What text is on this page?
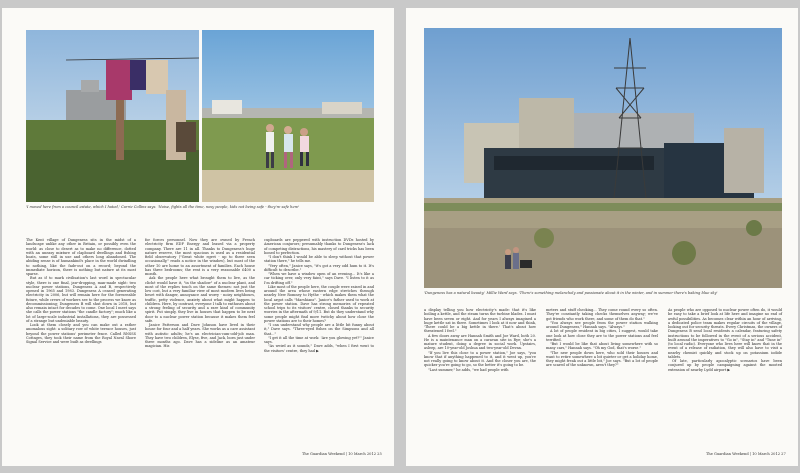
'I moved here from a council estate, which I hated,' Carrie Collins says. 'Noise, fights all the time, nosy people, kids not being safe - they're safe here'

The Kent village of Dungeness sits in the midst of a landscape unlike any other in Britain, or possibly even the world: as close to desert as to make no difference, dotted with an uneasy mixture of clapboard dwellings and fishing boats, some still in use and others long abandoned. The abiding sense is of humankind's place in the world dwindling to nothing, like the fade-out on a record; beyond the immediate horizon, there is nothing but nature at its most sparse.

But as if to mark civilisation's last word in spectacular style, there is one final, jaw-dropping, man-made sight: two nuclear power stations, Dungeness A and B, respectively opened in 1965 and 1983. Dungeness A ceased generating electricity in 2006, but will remain here for the foreseeable future, while crews of workers see to the process we know as decommissioning; Dungeness B will shut down in 2018, but also remain intact for decades to come. One local I meet says she calls the power stations "the candle factory"; much like a lot of large-scale industrial installations, they are possessed of a strange but undeniable beauty.

Look at them closely and you can make out a rather anomalous sight: a solitary row of white terrace houses, just beyond the power stations' perimeter fence. Called RNSSS Cottages, they took their name from the Royal Naval Shore Signal Service and were built as dwellings

for forces personnel. Now they are owned by French electricity firm EDF Energy and leased via a property company. There are 11 in all. Thanks to Dungeness's huge nature reserve, the most spacious is used as a residential field observatory ("Great white egret - up to three seen occasionally," reads a notice in the window), but most of the other 10 are home to an assortment of families. Each house has three bedrooms; the rent is a very reasonable £400 a month.

Ask the people here what brought them to live, as the cliché would have it, "in the shadow" of a nuclear plant, and most of the replies touch on the same themes: not just the low cost, but a very familiar view of most modern lives being beset with danger, annoyance and worry - noisy neighbours, traffic, petty violence, anxiety about what might happen to children. Here, by contrast, everyone I talk to enthuses about a strong feeling of security and a rare kind of community spirit. Put simply, they live in houses that happen to be next door to a nuclear power station because it makes them feel safe.

Janice Patterson and Dave Johnson have lived in their house for four and a half years. She works as a care assistant with autistic adults; he's an electrician-cum-odd-job man. They have two children, Elyse, five, and Jack, born just under three months ago. Dave has a sideline as an amateur magician. His

cupboards are peppered with instruction DVDs hosted by American conjurors; presumably thanks to Dungeness's lack of competing distractions, his mastery of card tricks has been honed to perfection.

"I don't think I would be able to sleep without that power station there," he tells me.

"Very often," Janice says, "it's got a very odd hum to it. It's difficult to describe."

"When we have a window open of an evening... It's like a car ticking over, only very faint," says Dave. "I listen to it as I'm drifting off."

Like most of the people here, the couple were raised in and around the area whose eastern edge stretches through nearby New Romney to Hythe - which makes them what the local argot calls "Marshians". Janice's father used to work at the power station. Dave has strong memories of repeated school trips to its visitors' centre, closed thanks to security worries in the aftermath of 9/11. But do they understand why some people might find more twitchy about how close the power stations are to their homes?

"I can understand why people are a little bit funny about it," Dave says. "Three-eyed fishes on the Simpsons and all that..."

"I get it all the time at work: 'Are you glowing yet?'" Janice says.

"As weird as it sounds," Dave adds, "when I first went to the visitors' centre, they had ▶

The Guardian Weekend | 10 March 2012 25
'Dungeness has a natural beauty,' Millie Ward says. 'There's something melancholy and passionate about it in the winter, and in summer there's baking blue sky'

a display telling you how electricity's made: that it's like boiling a kettle, and the steam turns the turbine blades. I must have been seven or eight. And for years I always imagined a huge kettle sat in there. Sometimes I look at it now and think, 'There could be a big kettle in there.' That's about how threatened I feel."

A few doors away are Hannah Smith and Joe Ward, both 20. He is a maintenance man on a caravan site in Rye; she's a mature student, doing a degree in social work. Upstairs, asleep, are 10-year-old Joshua and two-year-old Devan.

"If you live this close to a power station," Joe says, "you know that if anything happened to it, and it went up, you're not really going to know about it. And the closer you are, the quicker you're going to go, so the better it's going to be.

"Last summer," he adds, "we had people with

meters and stuff checking... They come round every so often. They're constantly taking checks themselves anyway; we've got friends who work there, and some of them do that."

"You always see people from the power station walking around Dungeness," Hannah says. "Always."

A lot of people resident in big cities, I suggest, would take one look at how close they are to the power stations and feel terrified.

"But I would be like that about living somewhere with so many cars," Hannah says. "Oh my God, that's worse."

"The new people down here, who sold their houses and want to retire somewhere a bit quieter or get a holiday home, they might freak out a little bit," Joe says. "But a lot of people are scared of the unknown, aren't they?"

As people who are opposed to nuclear power often do, it would be easy to take a brief look at life here and imagine no end of awful possibilities. As becomes clear within an hour of arriving, a dedicated police team makes regular circuits of the village, looking out for security threats. Every Christmas, the owners of Dungeness B send local residents a calendar, featuring safety instructions to be followed in the event of a serious accident, built around the imperatives to "Go in", "Stay in" and "Tune in" (to local radio). Everyone who lives here will know that in the event of a release of radiation, they will also have to visit a nearby chemist quickly and stock up on potassium iodide tablets.

Of late, particularly apocalyptic scenarios have been conjured up by people campaigning against the mooted extension of nearby Lydd airport ▶

The Guardian Weekend | 10 March 2012 27
